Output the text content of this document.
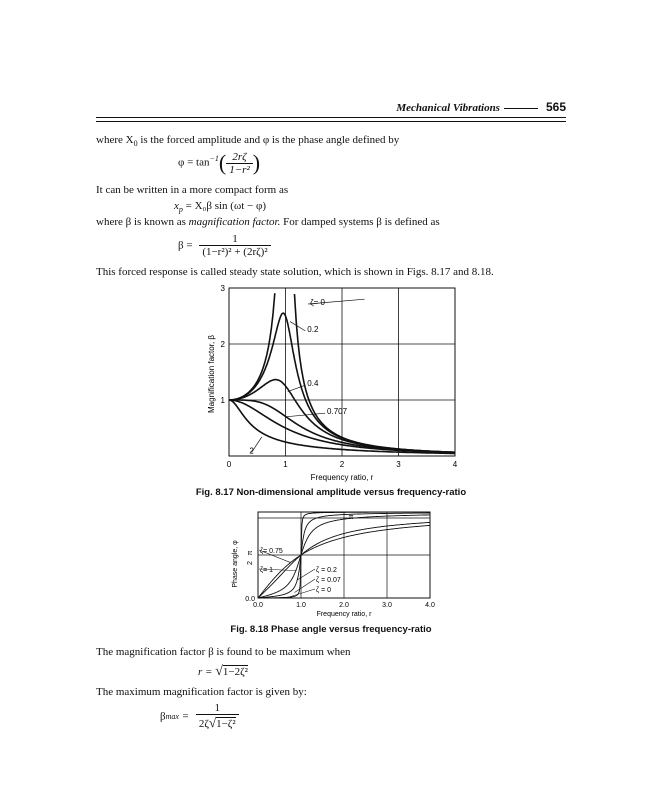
Mechanical Vibrations	565
where $X_0$ is the forced amplitude and φ is the phase angle defined by
$\varphi = \tan^{-1}( \frac{2r\zeta}{\text{1−r²}}$ )
It can be written in a more compact form as
$x_p = X_0\beta$ sin (ωt − φ)
where β is known as magnification factor. For damped systems β is defined as
$\beta = \frac{1}{\text{(1−r²)² + (2rζ)²}}$
This forced response is called steady state solution, which is shown in Figs. 8.17 and 8.18.
0	1	2	3	4
1
2
3
ζ= 0
0.2
0.4
0.707
2
Frequency ratio, r
Magnification factor, β
Fig. 8.17 Non-dimensional amplitude versus frequency-ratio
0.0	1.0	2.0	3.0	4.0
0.0
π
2
π
ζ= 0.75
ζ= 1	ζ = 0.2
ζ = 0.07
ζ = 0
Frequency ratio, r
Phase angle, φ
Fig. 8.18 Phase angle versus frequency-ratio
The magnification factor β is found to be maximum when
r = √1−2ζ²
The maximum magnification factor is given by:
$\beta\max = \frac{1}{\text{2ζ√1−ζ²}}$
